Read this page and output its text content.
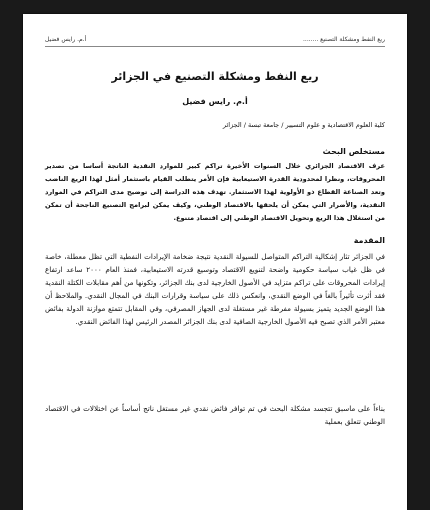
ريع النفط ومشكلة التصنيع ........
أ.م. رايس فضيل
ريع النفط ومشكلة التصنيع في الجزائر
أ.م. رايس فضيل
كلية العلوم الاقتصادية و علوم التسيير / جامعة تبسة / الجزائر
مستخلص البحث
عرف الاقتصاد الجزائري خلال السنوات الأخيرة تراكم كبير للموارد النقدية الناتجة أساسا من تصدير المحروقات، ونظرا لمحدودية القدرة الاستيعابية فإن الأمر يتطلب القيام باستثمار أمثل لهذا الريع الناضب وتعد الصناعة القطاع ذو الأولوية لهذا الاستثمار. تهدف هذه الدراسة إلى توضيح مدى التراكم في الموارد النقدية، والأضرار التي يمكن أن يلحقها بالاقتصاد الوطني، وكيف يمكن لبرامج التصنيع الناجحة أن تمكن من استغلال هذا الريع وتحويل الاقتصاد الوطني إلى اقتصاد متنوع.
المقدمة
في الجزائر تثار إشكالية التراكم المتواصل للسيولة النقدية نتيجة ضخامة الإيرادات النفطية التي تظل معطلة، خاصة في ظل غياب سياسة حكومية واضحة لتنويع الاقتصاد وتوسيع قدرته الاستيعابية، فمنذ العام ٢٠٠٠ ساعد ارتفاع إيرادات المحروقات على تراكم متزايد في الأصول الخارجية لدى بنك الجزائر، وتكونها من أهم مقابلات الكتلة النقدية فقد أثرت تأثيراً بالغاً في الوضع النقدي، وانعكس ذلك على سياسة وقرارات البنك في المجال النقدي. والملاحظ أن هذا الوضع الجديد يتميز بسيولة مفرطة غير مستغلة لدى الجهاز المصرفي، وفي المقابل تتمتع موازنة الدولة بفائض معتبر الأمر الذي تصبح فيه الأصول الخارجية الصافية لدى بنك الجزائر المصدر الرئيس لهذا الفائض النقدي.
بناءاً على ماسبق تتجسد مشكلة البحث في تم توافر فائض نقدي غير مستغل ناتج أساساً عن اختلالات في الاقتصاد الوطني تتعلق بعملية
